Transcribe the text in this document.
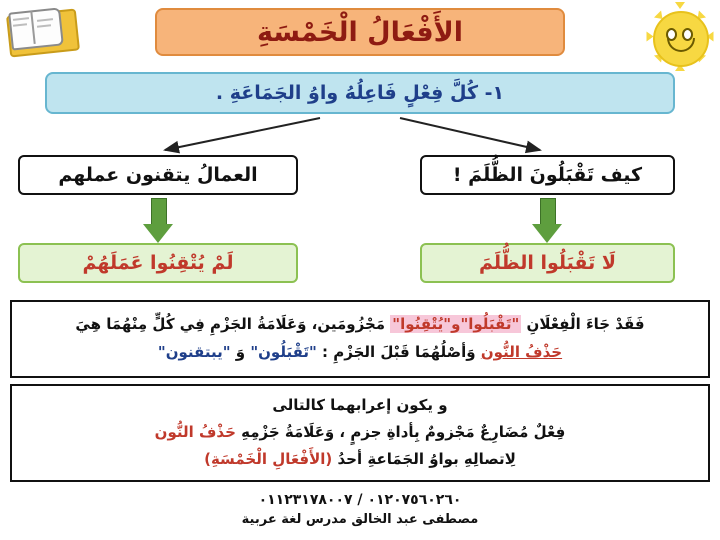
الأَفْعَالُ الْخَمْسَةِ
١- كُلَّ فِعْلٍ فَاعِلُهُ واوُ الجَمَاعَةِ .
كيف تَقْبَلُونَ الظُّلَمَ !
لَا تَقْبَلُوا الظُّلَمَ
العمالُ يتقنون عملهم
لَمْ يُتْقِنُوا عَمَلَهُمْ
فَقَدْ جَاءَ الْفِعْلَانِ "تَقْبَلُوا"و"يُتْقِنُوا" مَجْزُومَين، وَعَلَامَةُ الجَزْمِ فِي كُلٍّ مِنْهُمَا هِيَ
حَذْفُ النُّون وَأصْلُهُمَا قَبْلَ الجَزْمِ : "تَقْبَلُون" وَ "يبتقنون"
و يكون إعرابهما كالتالى
فِعْلٌ مُضَارِعٌ مَجْزومٌ بِأداةِ جزمٍ ، وَعَلَامَةُ جَزْمِهِ حَذْفُ النُّون
لِاتصالِهِ بواوُ الجَمَاعةِ أحدُ (الأَفْعَالِ الْخَمْسَةِ)
٠١٢٠٧٥٦٠٢٦٠ / ٠١١٢٣١٧٨٠٠٧
مصطفى عبد الخالق مدرس لغة عربية
